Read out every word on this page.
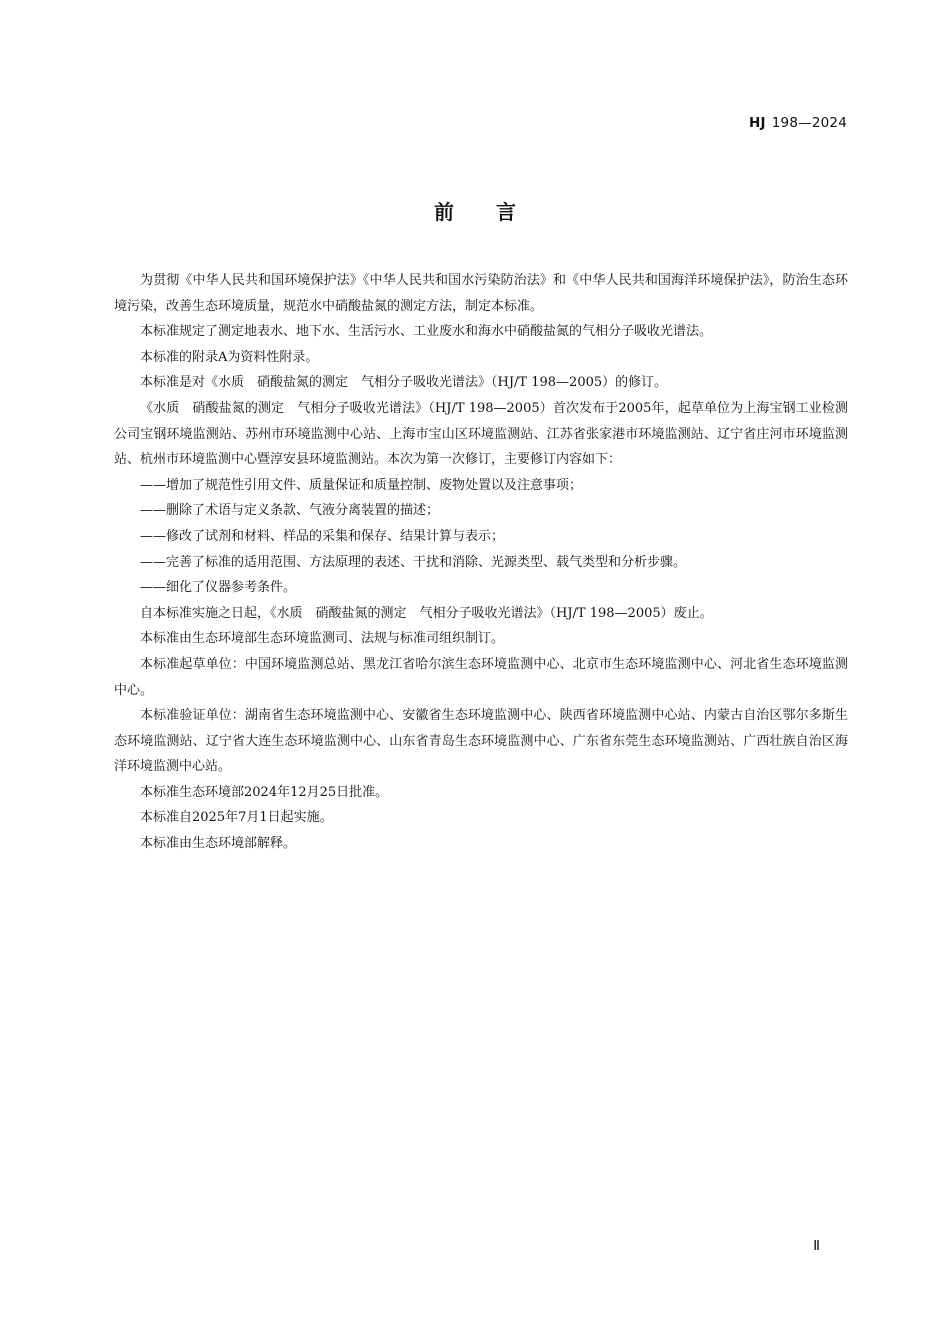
HJ 198—2024
前言

为贯彻《中华人民共和国环境保护法》《中华人民共和国水污染防治法》和《中华人民共和国海洋环境保护法》，防治生态环境污染，改善生态环境质量，规范水中硝酸盐氮的测定方法，制定本标准。

本标准规定了测定地表水、地下水、生活污水、工业废水和海水中硝酸盐氮的气相分子吸收光谱法。

本标准的附录A为资料性附录。

本标准是对《水质　硝酸盐氮的测定　气相分子吸收光谱法》（HJ/T 198—2005）的修订。

《水质　硝酸盐氮的测定　气相分子吸收光谱法》（HJ/T 198—2005）首次发布于2005年，起草单位为上海宝钢工业检测公司宝钢环境监测站、苏州市环境监测中心站、上海市宝山区环境监测站、江苏省张家港市环境监测站、辽宁省庄河市环境监测站、杭州市环境监测中心暨淳安县环境监测站。本次为第一次修订，主要修订内容如下：

——增加了规范性引用文件、质量保证和质量控制、废物处置以及注意事项；

——删除了术语与定义条款、气液分离装置的描述；

——修改了试剂和材料、样品的采集和保存、结果计算与表示；

——完善了标准的适用范围、方法原理的表述、干扰和消除、光源类型、载气类型和分析步骤。

——细化了仪器参考条件。

自本标准实施之日起，《水质　硝酸盐氮的测定　气相分子吸收光谱法》（HJ/T 198—2005）废止。

本标准由生态环境部生态环境监测司、法规与标准司组织制订。

本标准起草单位：中国环境监测总站、黑龙江省哈尔滨生态环境监测中心、北京市生态环境监测中心、河北省生态环境监测中心。

本标准验证单位：湖南省生态环境监测中心、安徽省生态环境监测中心、陕西省环境监测中心站、内蒙古自治区鄂尔多斯生态环境监测站、辽宁省大连生态环境监测中心、山东省青岛生态环境监测中心、广东省东莞生态环境监测站、广西壮族自治区海洋环境监测中心站。

本标准生态环境部2024年12月25日批准。

本标准自2025年7月1日起实施。

本标准由生态环境部解释。

Ⅱ
